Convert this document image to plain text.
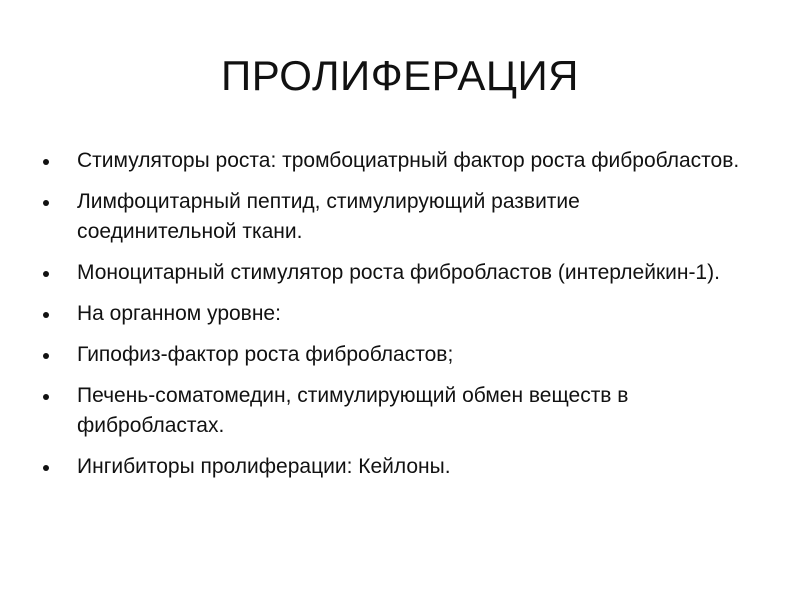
ПРОЛИФЕРАЦИЯ
Стимуляторы роста: тромбоциатрный фактор роста фибробластов.
Лимфоцитарный пептид, стимулирующий развитие соединительной ткани.
Моноцитарный стимулятор роста фибробластов (интерлейкин-1).
На органном уровне:
Гипофиз-фактор роста фибробластов;
Печень-соматомедин, стимулирующий обмен веществ в фибробластах.
Ингибиторы пролиферации: Кейлоны.
